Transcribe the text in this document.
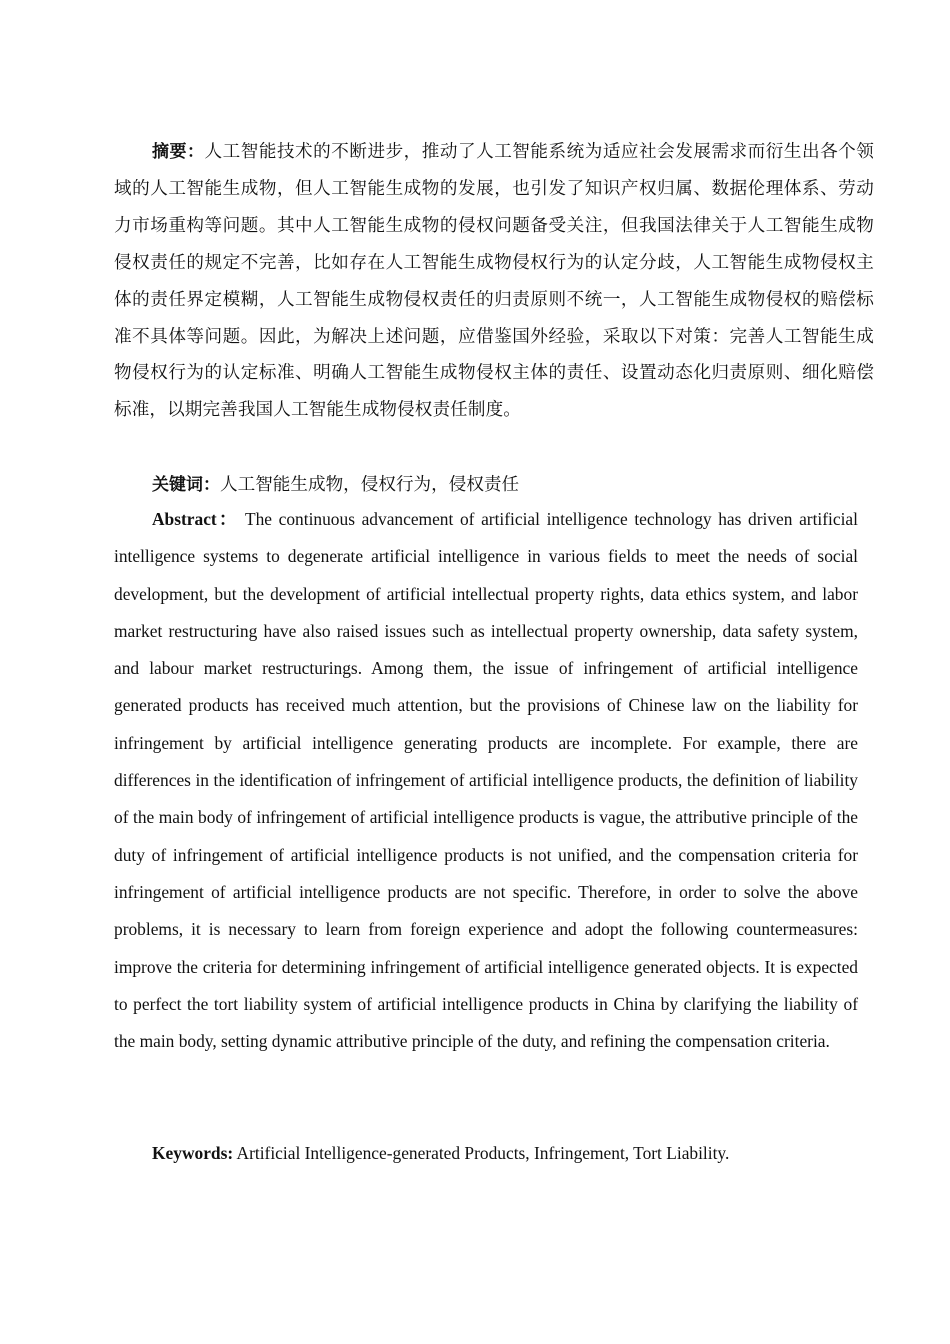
摘要：人工智能技术的不断进步，推动了人工智能系统为适应社会发展需求而衍生出各个领域的人工智能生成物，但人工智能生成物的发展，也引发了知识产权归属、数据伦理体系、劳动力市场重构等问题。其中人工智能生成物的侵权问题备受关注，但我国法律关于人工智能生成物侵权责任的规定不完善，比如存在人工智能生成物侵权行为的认定分歧，人工智能生成物侵权主体的责任界定模糊，人工智能生成物侵权责任的归责原则不统一，人工智能生成物侵权的赔偿标准不具体等问题。因此，为解决上述问题，应借鉴国外经验，采取以下对策：完善人工智能生成物侵权行为的认定标准、明确人工智能生成物侵权主体的责任、设置动态化归责原则、细化赔偿标准，以期完善我国人工智能生成物侵权责任制度。

关键词：人工智能生成物，侵权行为，侵权责任

Abstract： The continuous advancement of artificial intelligence technology has driven artificial intelligence systems to degenerate artificial intelligence in various fields to meet the needs of social development, but the development of artificial intellectual property rights, data ethics system, and labor market restructuring have also raised issues such as intellectual property ownership, data safety system, and labour market restructurings. Among them, the issue of infringement of artificial intelligence generated products has received much attention, but the provisions of Chinese law on the liability for infringement by artificial intelligence generating products are incomplete. For example, there are differences in the identification of infringement of artificial intelligence products, the definition of liability of the main body of infringement of artificial intelligence products is vague, the attributive principle of the duty of infringement of artificial intelligence products is not unified, and the compensation criteria for infringement of artificial intelligence products are not specific. Therefore, in order to solve the above problems, it is necessary to learn from foreign experience and adopt the following countermeasures: improve the criteria for determining infringement of artificial intelligence generated objects. It is expected to perfect the tort liability system of artificial intelligence products in China by clarifying the liability of the main body, setting dynamic attributive principle of the duty, and refining the compensation criteria.

Keywords: Artificial Intelligence-generated Products, Infringement, Tort Liability.
